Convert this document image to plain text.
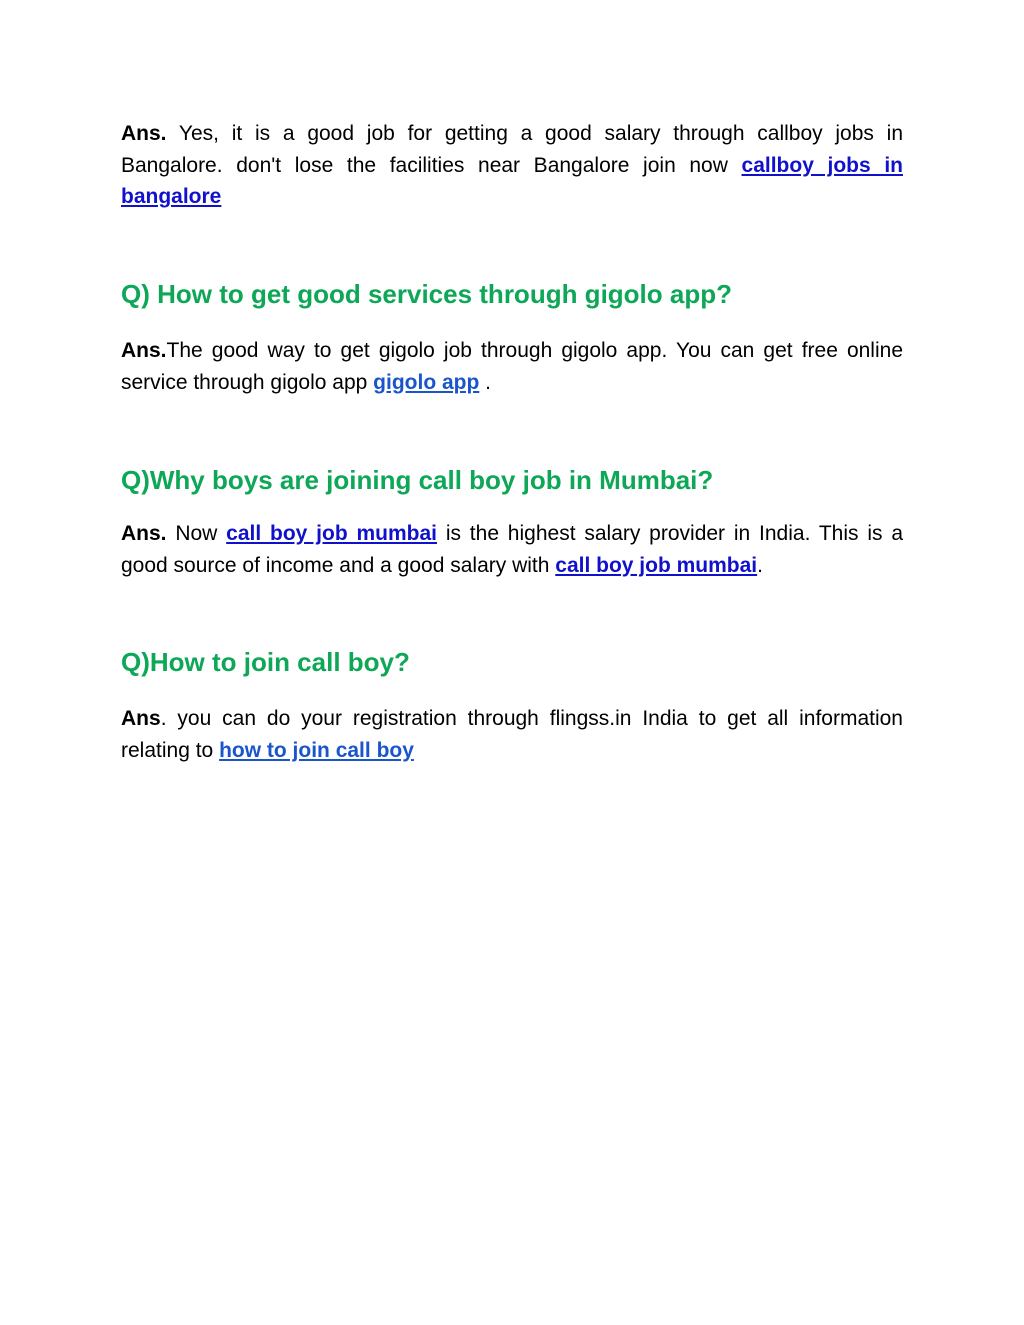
Ans. Yes, it is a good job for getting a good salary through callboy jobs in Bangalore. don't lose the facilities near Bangalore join now callboy jobs in bangalore

Q) How to get good services through gigolo app?

Ans.The good way to get gigolo job through gigolo app. You can get free online service through gigolo app gigolo app .

Q)Why boys are joining call boy job in Mumbai?

Ans. Now call boy job mumbai is the highest salary provider in India. This is a good source of income and a good salary with call boy job mumbai.

Q)How to join call boy?

Ans. you can do your registration through flingss.in India to get all information relating to how to join call boy
